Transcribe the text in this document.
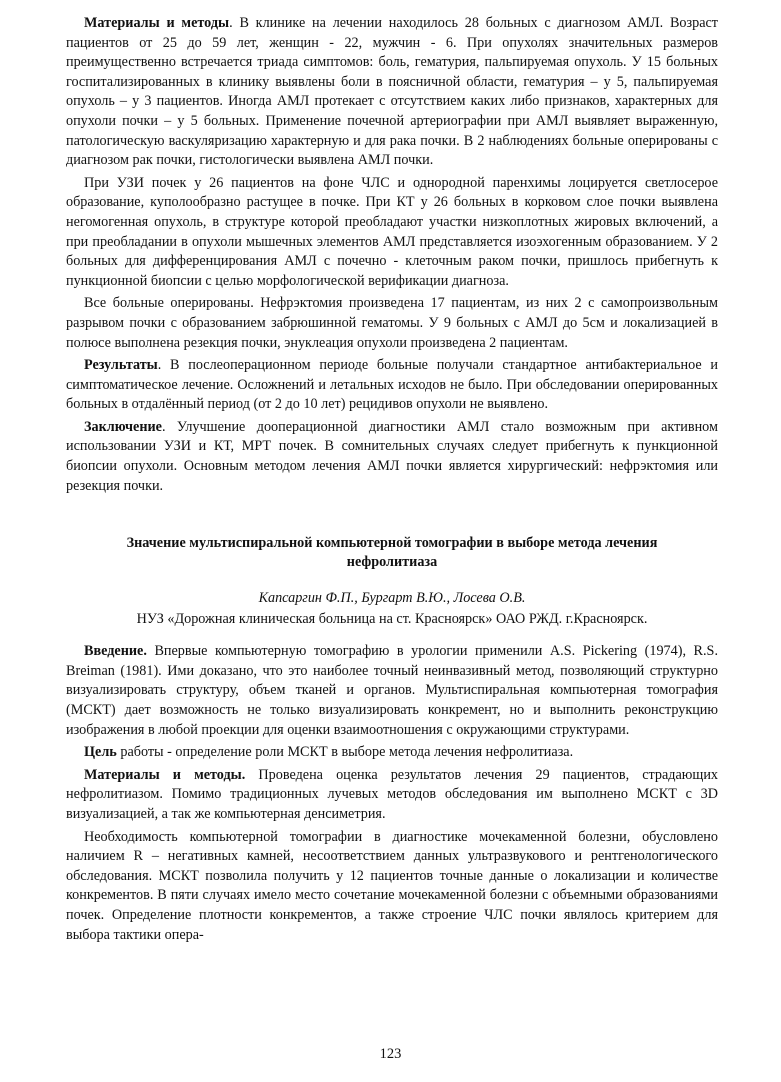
Материалы и методы. В клинике на лечении находилось 28 больных с диагнозом АМЛ. Возраст пациентов от 25 до 59 лет, женщин - 22, мужчин - 6. При опухолях значительных размеров преимущественно встречается триада симптомов: боль, гематурия, пальпируемая опухоль. У 15 больных госпитализированных в клинику выявлены боли в поясничной области, гематурия – у 5, пальпируемая опухоль – у 3 пациентов. Иногда АМЛ протекает с отсутствием каких либо признаков, характерных для опухоли почки – у 5 больных. Применение почечной артериографии при АМЛ выявляет выраженную, патологическую васкуляризацию характерную и для рака почки. В 2 наблюдениях больные оперированы с диагнозом рак почки, гистологически выявлена АМЛ почки.

При УЗИ почек у 26 пациентов на фоне ЧЛС и однородной паренхимы лоцируется светлосерое образование, куполообразно растущее в почке. При КТ у 26 больных в корковом слое почки выявлена негомогенная опухоль, в структуре которой преобладают участки низкоплотных жировых включений, а при преобладании в опухоли мышечных элементов АМЛ представляется изоэхогенным образованием. У 2 больных для дифференцирования АМЛ с почечно - клеточным раком почки, пришлось прибегнуть к пункционной биопсии с целью морфологической верификации диагноза.

Все больные оперированы. Нефрэктомия произведена 17 пациентам, из них 2 с самопроизвольным разрывом почки с образованием забрюшинной гематомы. У 9 больных с АМЛ до 5см и локализацией в полюсе выполнена резекция почки, энуклеация опухоли произведена 2 пациентам.

Результаты. В послеоперационном периоде больные получали стандартное антибактериальное и симптоматическое лечение. Осложнений и летальных исходов не было. При обследовании оперированных больных в отдалённый период (от 2 до 10 лет) рецидивов опухоли не выявлено.

Заключение. Улучшение дооперационной диагностики АМЛ стало возможным при активном использовании УЗИ и КТ, МРТ почек. В сомнительных случаях следует прибегнуть к пункционной биопсии опухоли. Основным методом лечения АМЛ почки является хирургический: нефрэктомия или резекция почки.

Значение мультиспиральной компьютерной томографии в выборе метода лечения нефролитиаза
Капсаргин Ф.П., Бургарт В.Ю., Лосева О.В.
НУЗ «Дорожная клиническая больница на ст. Красноярск» ОАО РЖД. г.Красноярск.

Введение. Впервые компьютерную томографию в урологии применили A.S. Pickering (1974), R.S. Breiman (1981). Ими доказано, что это наиболее точный неинвазивный метод, позволяющий структурно визуализировать структуру, объем тканей и органов. Мультиспиральная компьютерная томография (МСКТ) дает возможность не только визуализировать конкремент, но и выполнить реконструкцию изображения в любой проекции для оценки взаимоотношения с окружающими структурами.

Цель работы - определение роли МСКТ в выборе метода лечения нефролитиаза.

Материалы и методы. Проведена оценка результатов лечения 29 пациентов, страдающих нефролитиазом. Помимо традиционных лучевых методов обследования им выполнено МСКТ с 3D визуализацией, а так же компьютерная денсиметрия.

Необходимость компьютерной томографии в диагностике мочекаменной болезни, обусловлено наличием R – негативных камней, несоответствием данных ультразвукового и рентгенологического обследования. МСКТ позволила получить у 12 пациентов точные данные о локализации и количестве конкрементов. В пяти случаях имело место сочетание мочекаменной болезни с объемными образованиями почек. Определение плотности конкрементов, а также строение ЧЛС почки являлось критерием для выбора тактики опера-

123
